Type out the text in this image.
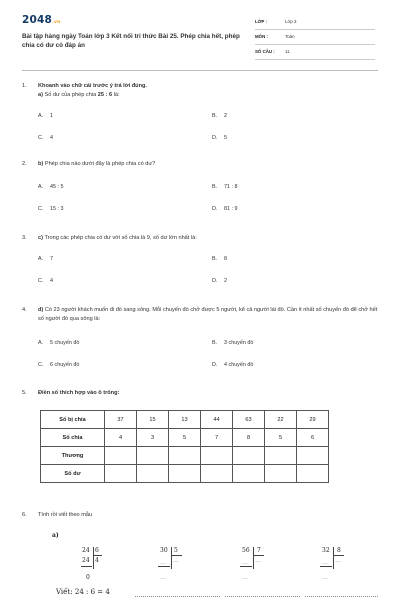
2048.vn
Bài tập hàng ngày Toán lớp 3 Kết nối tri thức Bài 25. Phép chia hết, phép chia có dư có đáp án
LỚP :	Lớp 3
MÔN :	Toán
SỐ CÂU : 11
1.	Khoanh vào chữ cái trước ý trả lời đúng.
a) Số dư của phép chia 25 : 6 là:
A. 1	B. 2
C. 4	D. 5
2.	b) Phép chia nào dưới đây là phép chia có dư?
A. 45 : 5	B. 71 : 8
C. 15 : 3	D. 81 : 9
3.	c) Trong các phép chia có dư với số chia là 9, số dư lớn nhất là:
A. 7	B. 8
C. 4	D. 2
4.	d) Có 23 người khách muốn đi đò sang sông. Mỗi chuyến đò chở được 5 người, kể cả người lái đò. Cần ít nhất số chuyến đò để chở hết số người đó qua sông là:
A. 5 chuyến đò	B. 3 chuyến đò
C. 6 chuyến đò	D. 4 chuyến đò
5.	Điền số thích hợp vào ô trống:
Số bị chia	37	15	13	44	63	22	29
Số chia	4	3	5	7	8	5	6
Thương							
Số dư							
6.	Tính rồi viết theo mẫu
a)
24 6
24 4
0
Viết: 24 : 6 = 4
30 5
.......
.......
.......
56 7
.......
.......
.......
32 8
.......
.......
.......
